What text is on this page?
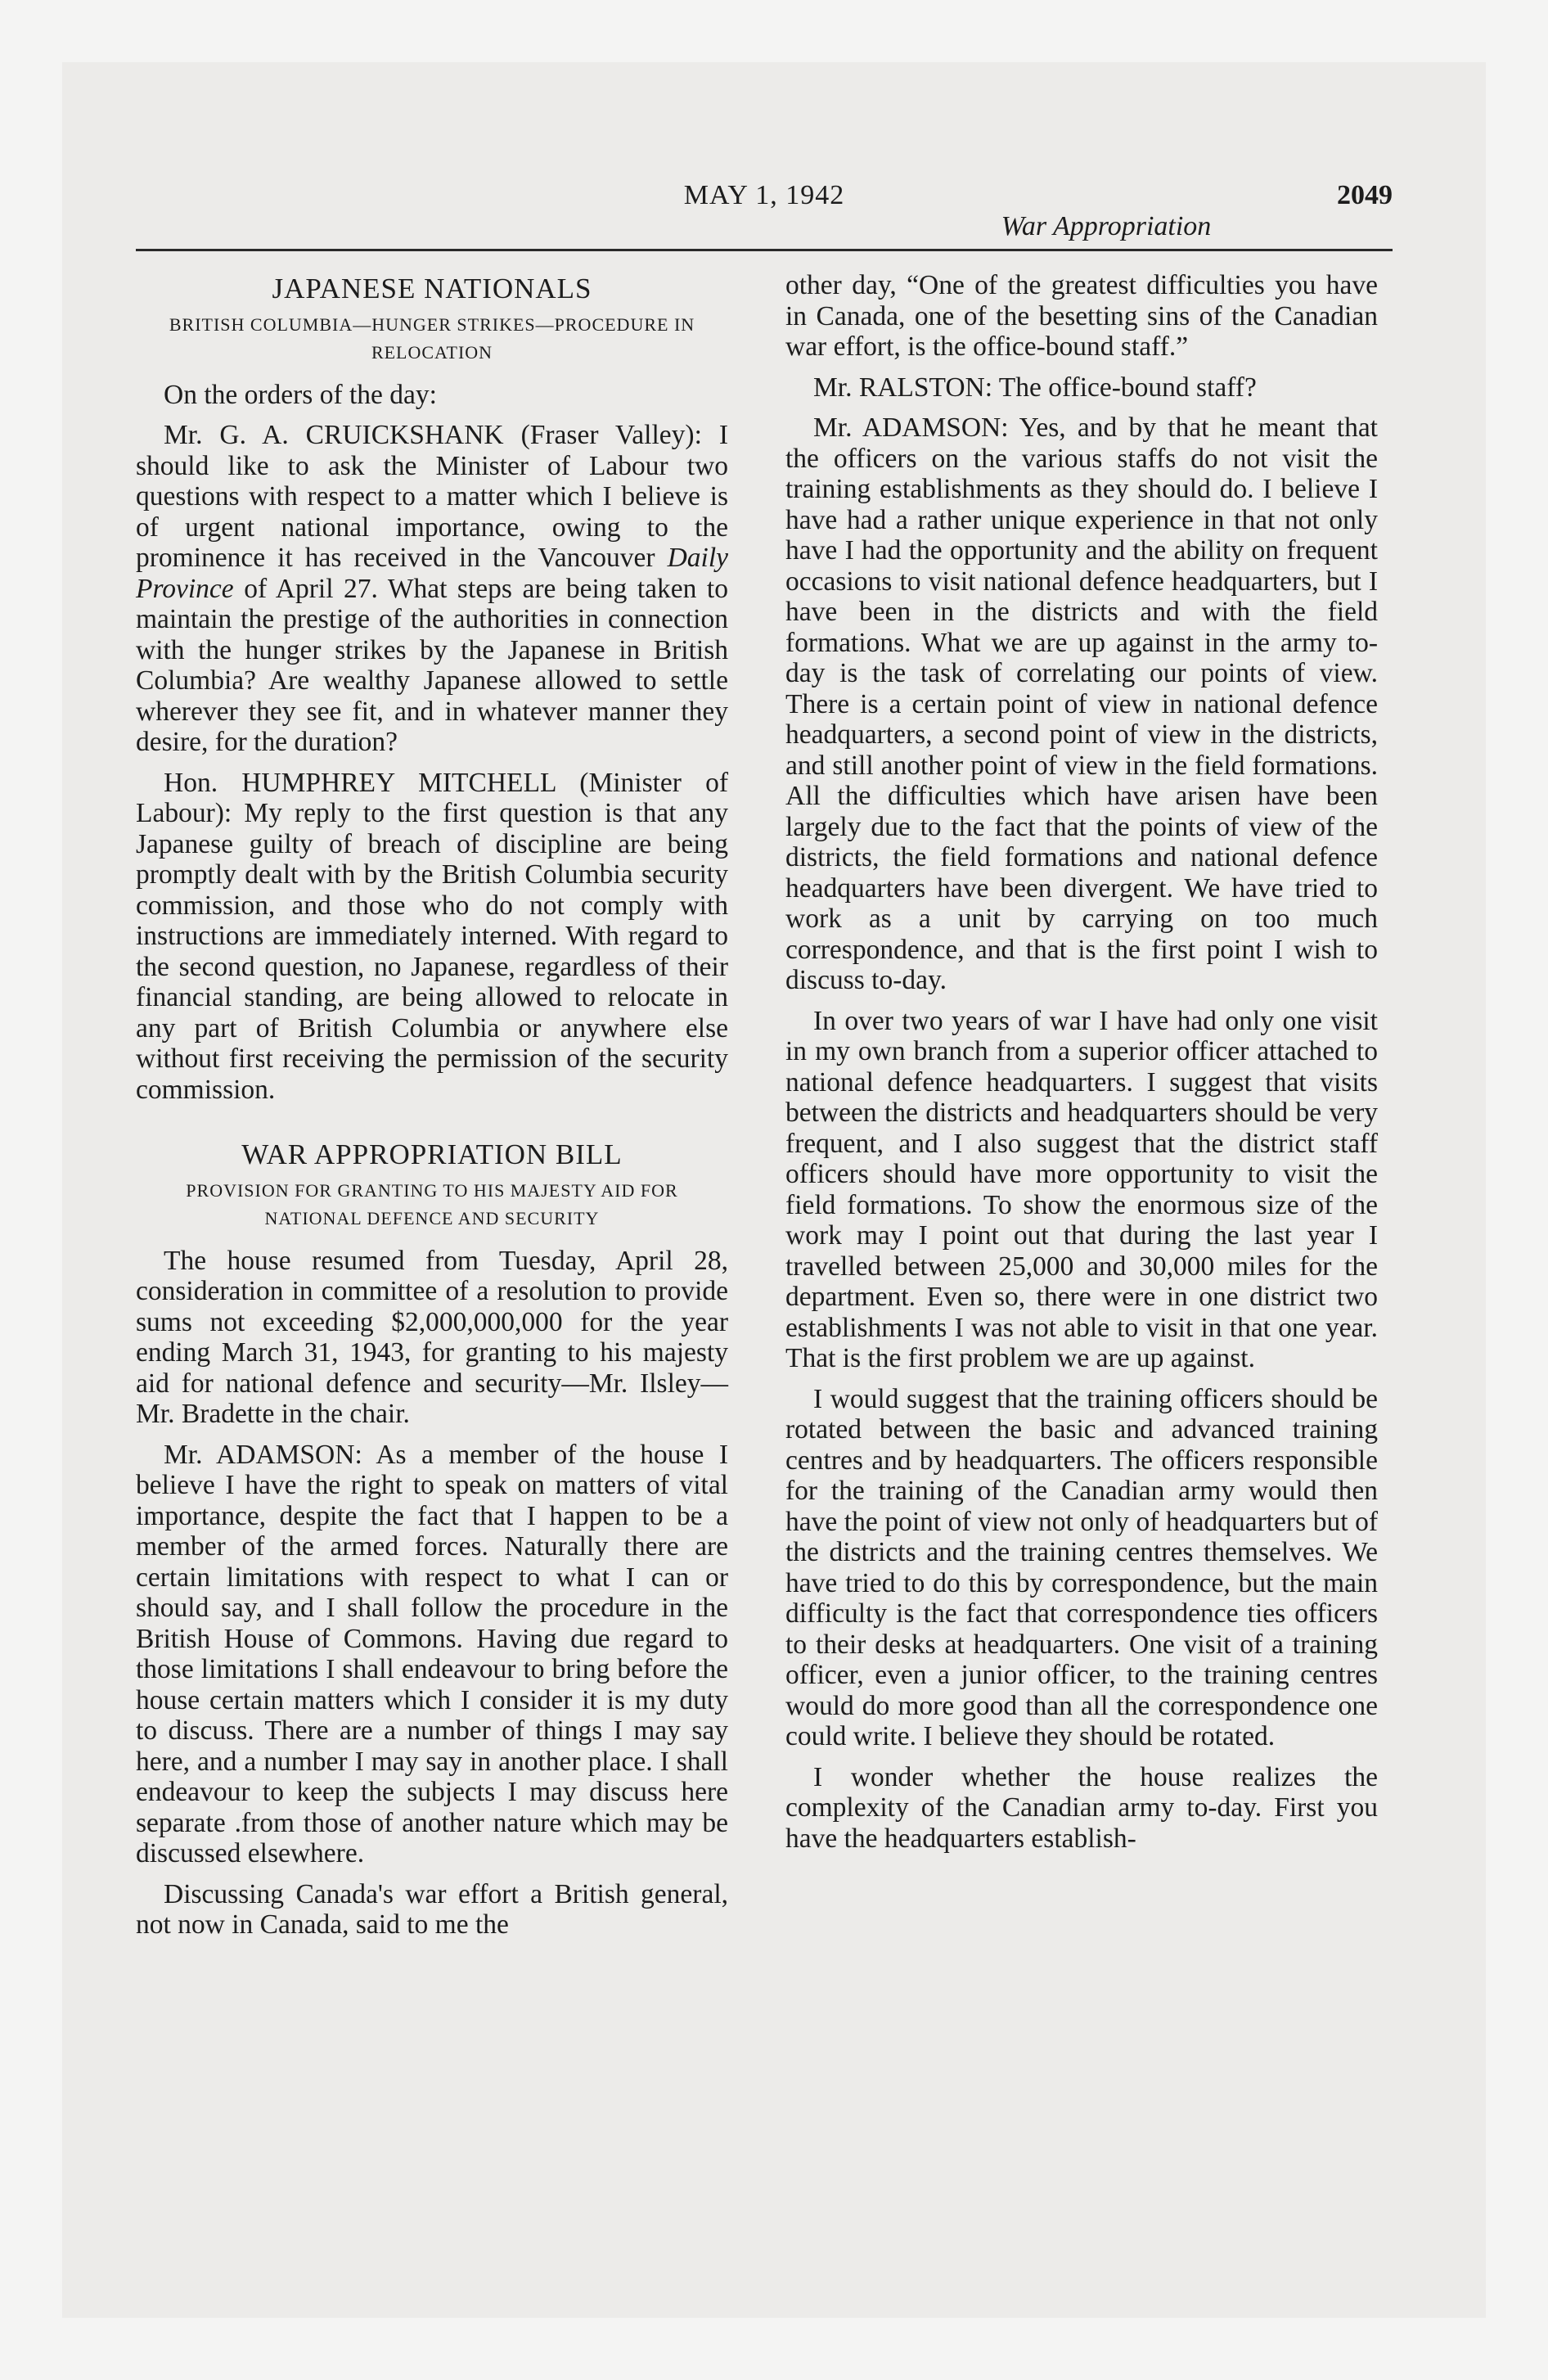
MAY 1, 1942	2049
War Appropriation
JAPANESE NATIONALS
BRITISH COLUMBIA—HUNGER STRIKES—PROCEDURE IN RELOCATION

On the orders of the day:

Mr. G. A. CRUICKSHANK (Fraser Valley): I should like to ask the Minister of Labour two questions with respect to a matter which I believe is of urgent national importance, owing to the prominence it has received in the Vancouver Daily Province of April 27. What steps are being taken to maintain the prestige of the authorities in connection with the hunger strikes by the Japanese in British Columbia? Are wealthy Japanese allowed to settle wherever they see fit, and in whatever manner they desire, for the duration?

Hon. HUMPHREY MITCHELL (Minister of Labour): My reply to the first question is that any Japanese guilty of breach of discipline are being promptly dealt with by the British Columbia security commission, and those who do not comply with instructions are immediately interned. With regard to the second question, no Japanese, regardless of their financial standing, are being allowed to relocate in any part of British Columbia or anywhere else without first receiving the permission of the security commission.

WAR APPROPRIATION BILL
PROVISION FOR GRANTING TO HIS MAJESTY AID FOR NATIONAL DEFENCE AND SECURITY

The house resumed from Tuesday, April 28, consideration in committee of a resolution to provide sums not exceeding $2,000,000,000 for the year ending March 31, 1943, for granting to his majesty aid for national defence and security—Mr. Ilsley—Mr. Bradette in the chair.

Mr. ADAMSON: As a member of the house I believe I have the right to speak on matters of vital importance, despite the fact that I happen to be a member of the armed forces. Naturally there are certain limitations with respect to what I can or should say, and I shall follow the procedure in the British House of Commons. Having due regard to those limitations I shall endeavour to bring before the house certain matters which I consider it is my duty to discuss. There are a number of things I may say here, and a number I may say in another place. I shall endeavour to keep the subjects I may discuss here separate .from those of another nature which may be discussed elsewhere.

Discussing Canada's war effort a British general, not now in Canada, said to me the

other day, “One of the greatest difficulties you have in Canada, one of the besetting sins of the Canadian war effort, is the office-bound staff.”

Mr. RALSTON: The office-bound staff?

Mr. ADAMSON: Yes, and by that he meant that the officers on the various staffs do not visit the training establishments as they should do. I believe I have had a rather unique experience in that not only have I had the opportunity and the ability on frequent occasions to visit national defence headquarters, but I have been in the districts and with the field formations. What we are up against in the army to-day is the task of correlating our points of view. There is a certain point of view in national defence headquarters, a second point of view in the districts, and still another point of view in the field formations. All the difficulties which have arisen have been largely due to the fact that the points of view of the districts, the field formations and national defence headquarters have been divergent. We have tried to work as a unit by carrying on too much correspondence, and that is the first point I wish to discuss to-day.

In over two years of war I have had only one visit in my own branch from a superior officer attached to national defence headquarters. I suggest that visits between the districts and headquarters should be very frequent, and I also suggest that the district staff officers should have more opportunity to visit the field formations. To show the enormous size of the work may I point out that during the last year I travelled between 25,000 and 30,000 miles for the department. Even so, there were in one district two establishments I was not able to visit in that one year. That is the first problem we are up against.

I would suggest that the training officers should be rotated between the basic and advanced training centres and by headquarters. The officers responsible for the training of the Canadian army would then have the point of view not only of headquarters but of the districts and the training centres themselves. We have tried to do this by correspondence, but the main difficulty is the fact that correspondence ties officers to their desks at headquarters. One visit of a training officer, even a junior officer, to the training centres would do more good than all the correspondence one could write. I believe they should be rotated.

I wonder whether the house realizes the complexity of the Canadian army to-day. First you have the headquarters establish-
